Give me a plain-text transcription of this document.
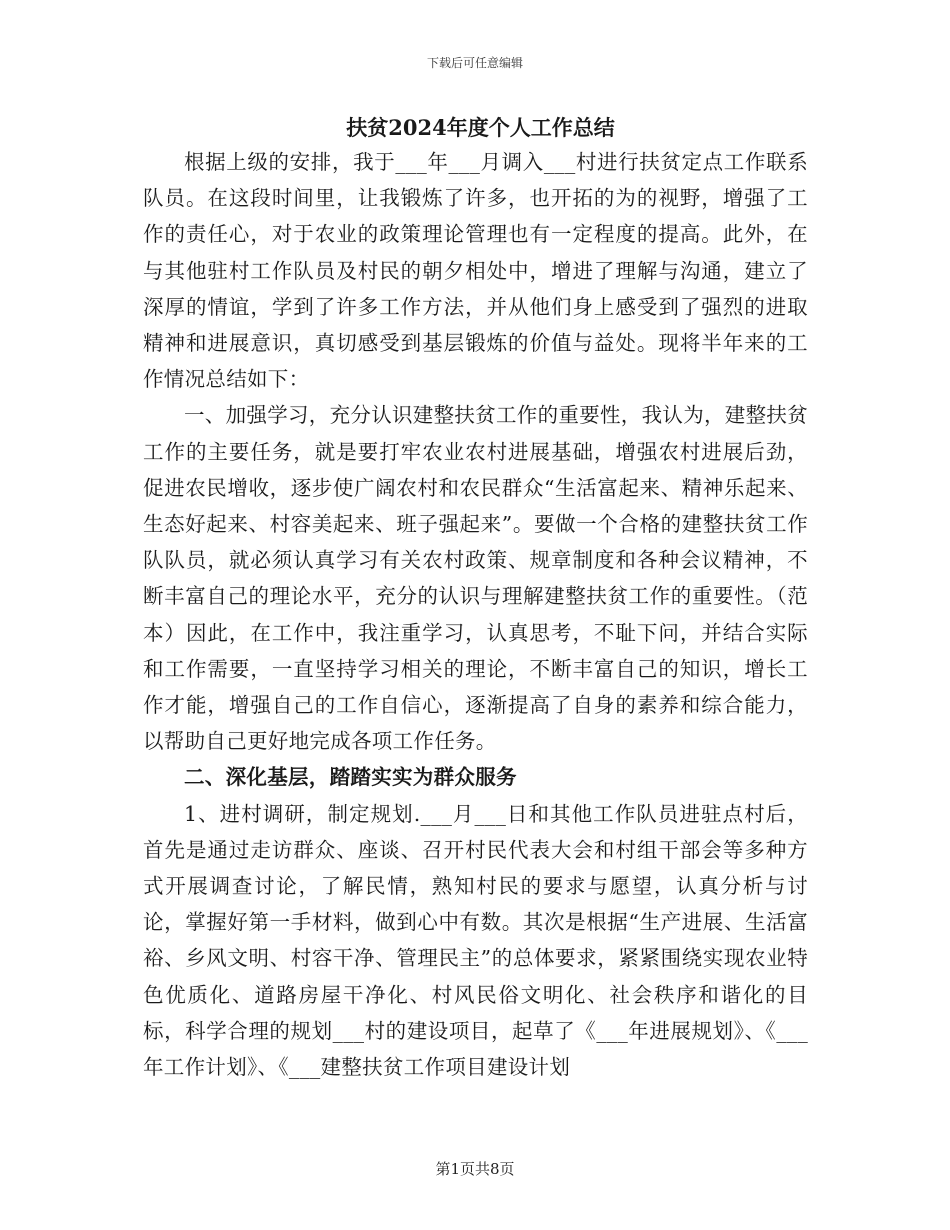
下载后可任意编辑
扶贫2024年度个人工作总结

根据上级的安排，我于___年___月调入___村进行扶贫定点工作联系队员。在这段时间里，让我锻炼了许多，也开拓的为的视野，增强了工作的责任心，对于农业的政策理论管理也有一定程度的提高。此外，在与其他驻村工作队员及村民的朝夕相处中，增进了理解与沟通，建立了深厚的情谊，学到了许多工作方法，并从他们身上感受到了强烈的进取精神和进展意识，真切感受到基层锻炼的价值与益处。现将半年来的工作情况总结如下：

一、加强学习，充分认识建整扶贫工作的重要性，我认为，建整扶贫工作的主要任务，就是要打牢农业农村进展基础，增强农村进展后劲，促进农民增收，逐步使广阔农村和农民群众“生活富起来、精神乐起来、生态好起来、村容美起来、班子强起来”。要做一个合格的建整扶贫工作队队员，就必须认真学习有关农村政策、规章制度和各种会议精神，不断丰富自己的理论水平，充分的认识与理解建整扶贫工作的重要性。（范本）因此，在工作中，我注重学习，认真思考，不耻下问，并结合实际和工作需要，一直坚持学习相关的理论，不断丰富自己的知识，增长工作才能，增强自己的工作自信心，逐渐提高了自身的素养和综合能力，以帮助自己更好地完成各项工作任务。

二、深化基层，踏踏实实为群众服务

1、进村调研，制定规划.___月___日和其他工作队员进驻点村后，首先是通过走访群众、座谈、召开村民代表大会和村组干部会等多种方式开展调查讨论，了解民情，熟知村民的要求与愿望，认真分析与讨论，掌握好第一手材料，做到心中有数。其次是根据“生产进展、生活富裕、乡风文明、村容干净、管理民主”的总体要求，紧紧围绕实现农业特色优质化、道路房屋干净化、村风民俗文明化、社会秩序和谐化的目标，科学合理的规划___村的建设项目，起草了《___年进展规划》、《___年工作计划》、《___建整扶贫工作项目建设计划

第1页共8页
